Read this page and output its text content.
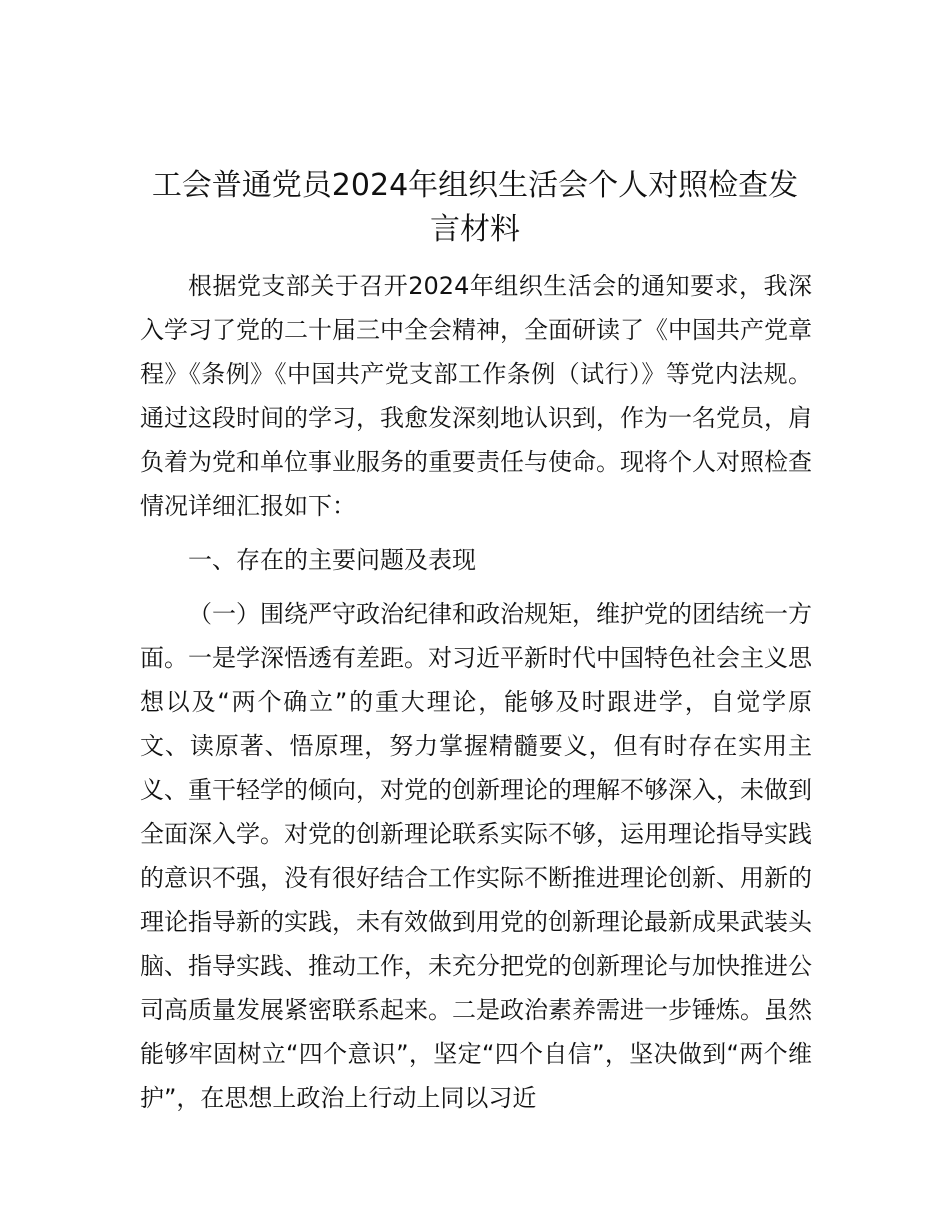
工会普通党员2024年组织生活会个人对照检查发言材料

根据党支部关于召开2024年组织生活会的通知要求，我深入学习了党的二十届三中全会精神，全面研读了《中国共产党章程》《条例》《中国共产党支部工作条例（试行）》等党内法规。通过这段时间的学习，我愈发深刻地认识到，作为一名党员，肩负着为党和单位事业服务的重要责任与使命。现将个人对照检查情况详细汇报如下：

一、存在的主要问题及表现

（一）围绕严守政治纪律和政治规矩，维护党的团结统一方面。一是学深悟透有差距。对习近平新时代中国特色社会主义思想以及“两个确立”的重大理论，能够及时跟进学，自觉学原文、读原著、悟原理，努力掌握精髓要义，但有时存在实用主义、重干轻学的倾向，对党的创新理论的理解不够深入，未做到全面深入学。对党的创新理论联系实际不够，运用理论指导实践的意识不强，没有很好结合工作实际不断推进理论创新、用新的理论指导新的实践，未有效做到用党的创新理论最新成果武装头脑、指导实践、推动工作，未充分把党的创新理论与加快推进公司高质量发展紧密联系起来。二是政治素养需进一步锤炼。虽然能够牢固树立“四个意识”，坚定“四个自信”，坚决做到“两个维护”，在思想上政治上行动上同以习近
